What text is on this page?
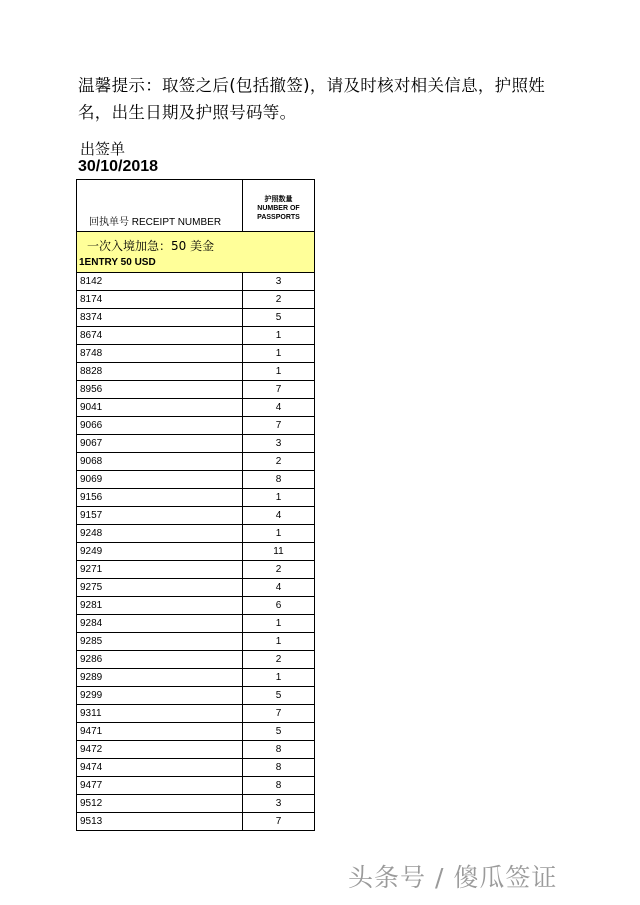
温馨提示：取签之后(包括撤签)，请及时核对相关信息，护照姓名，出生日期及护照号码等。
出签单
30/10/2018
回执单号 RECEIPT NUMBER	护照数量
NUMBER OF
PASSPORTS

一次入境加急：50 美金
1ENTRY 50 USD	

8142	3
8174	2
8374	5
8674	1
8748	1
8828	1
8956	7
9041	4
9066	7
9067	3
9068	2
9069	8
9156	1
9157	4
9248	1
9249	11
9271	2
9275	4
9281	6
9284	1
9285	1
9286	2
9289	1
9299	5
9311	7
9471	5
9472	8
9474	8
9477	8
9512	3
9513	7
头条号 / 傻瓜签证
